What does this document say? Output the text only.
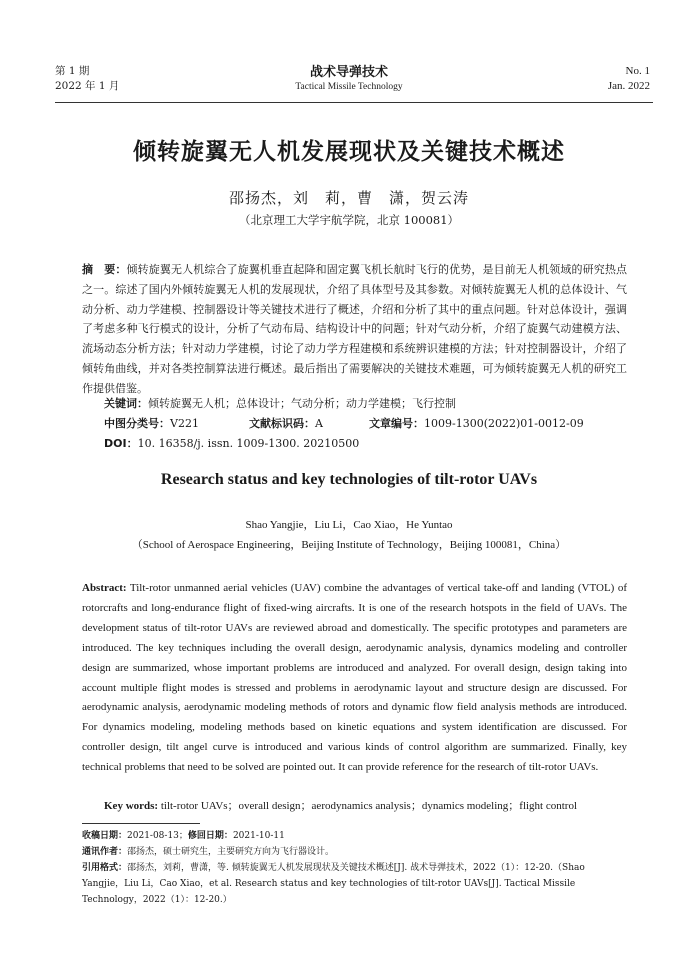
第 1 期
2022 年 1 月
战术导弹技术
Tactical Missile Technology
No. 1
Jan. 2022
倾转旋翼无人机发展现状及关键技术概述
邵扬杰，刘　莉，曹　潇，贺云涛
（北京理工大学宇航学院，北京 100081）
摘　要：倾转旋翼无人机综合了旋翼机垂直起降和固定翼飞机长航时飞行的优势，是目前无人机领域的研究热点之一。综述了国内外倾转旋翼无人机的发展现状，介绍了具体型号及其参数。对倾转旋翼无人机的总体设计、气动分析、动力学建模、控制器设计等关键技术进行了概述，介绍和分析了其中的重点问题。针对总体设计，强调了考虑多种飞行模式的设计，分析了气动布局、结构设计中的问题；针对气动分析，介绍了旋翼气动建模方法、流场动态分析方法；针对动力学建模，讨论了动力学方程建模和系统辨识建模的方法；针对控制器设计，介绍了倾转角曲线，并对各类控制算法进行概述。最后指出了需要解决的关键技术难题，可为倾转旋翼无人机的研究工作提供借鉴。
关键词：倾转旋翼无人机；总体设计；气动分析；动力学建模；飞行控制
中图分类号：V221	文献标识码：A	文章编号：1009-1300(2022)01-0012-09
DOI：10. 16358/j. issn. 1009-1300. 20210500
Research status and key technologies of tilt-rotor UAVs
Shao Yangjie，Liu Li，Cao Xiao，He Yuntao
（School of Aerospace Engineering，Beijing Institute of Technology，Beijing 100081，China）
Abstract: Tilt-rotor unmanned aerial vehicles (UAV) combine the advantages of vertical take-off and landing (VTOL) of rotorcrafts and long-endurance flight of fixed-wing aircrafts. It is one of the research hotspots in the field of UAVs. The development status of tilt-rotor UAVs are reviewed abroad and domestically. The specific prototypes and parameters are introduced. The key techniques including the overall design, aerodynamic analysis, dynamics modeling and controller design are summarized, whose important problems are introduced and analyzed. For overall design, design taking into account multiple flight modes is stressed and problems in aerodynamic layout and structure design are discussed. For aerodynamic analysis, aerodynamic modeling methods of rotors and dynamic flow field analysis methods are introduced. For dynamics modeling, modeling methods based on kinetic equations and system identification are discussed. For controller design, tilt angel curve is introduced and various kinds of control algorithm are summarized. Finally, key technical problems that need to be solved are pointed out. It can provide reference for the research of tilt-rotor UAVs.
Key words: tilt-rotor UAVs；overall design；aerodynamics analysis；dynamics modeling；flight control

收稿日期：2021-08-13；修回日期：2021-10-11

通讯作者：邵扬杰，硕士研究生，主要研究方向为飞行器设计。

引用格式：邵扬杰，刘莉，曹潇，等. 倾转旋翼无人机发展现状及关键技术概述[J]. 战术导弹技术，2022（1）：12-20.（Shao Yangjie，Liu Li，Cao Xiao，et al. Research status and key technologies of tilt-rotor UAVs[J]. Tactical Missile Technology，2022（1）：12-20.）
